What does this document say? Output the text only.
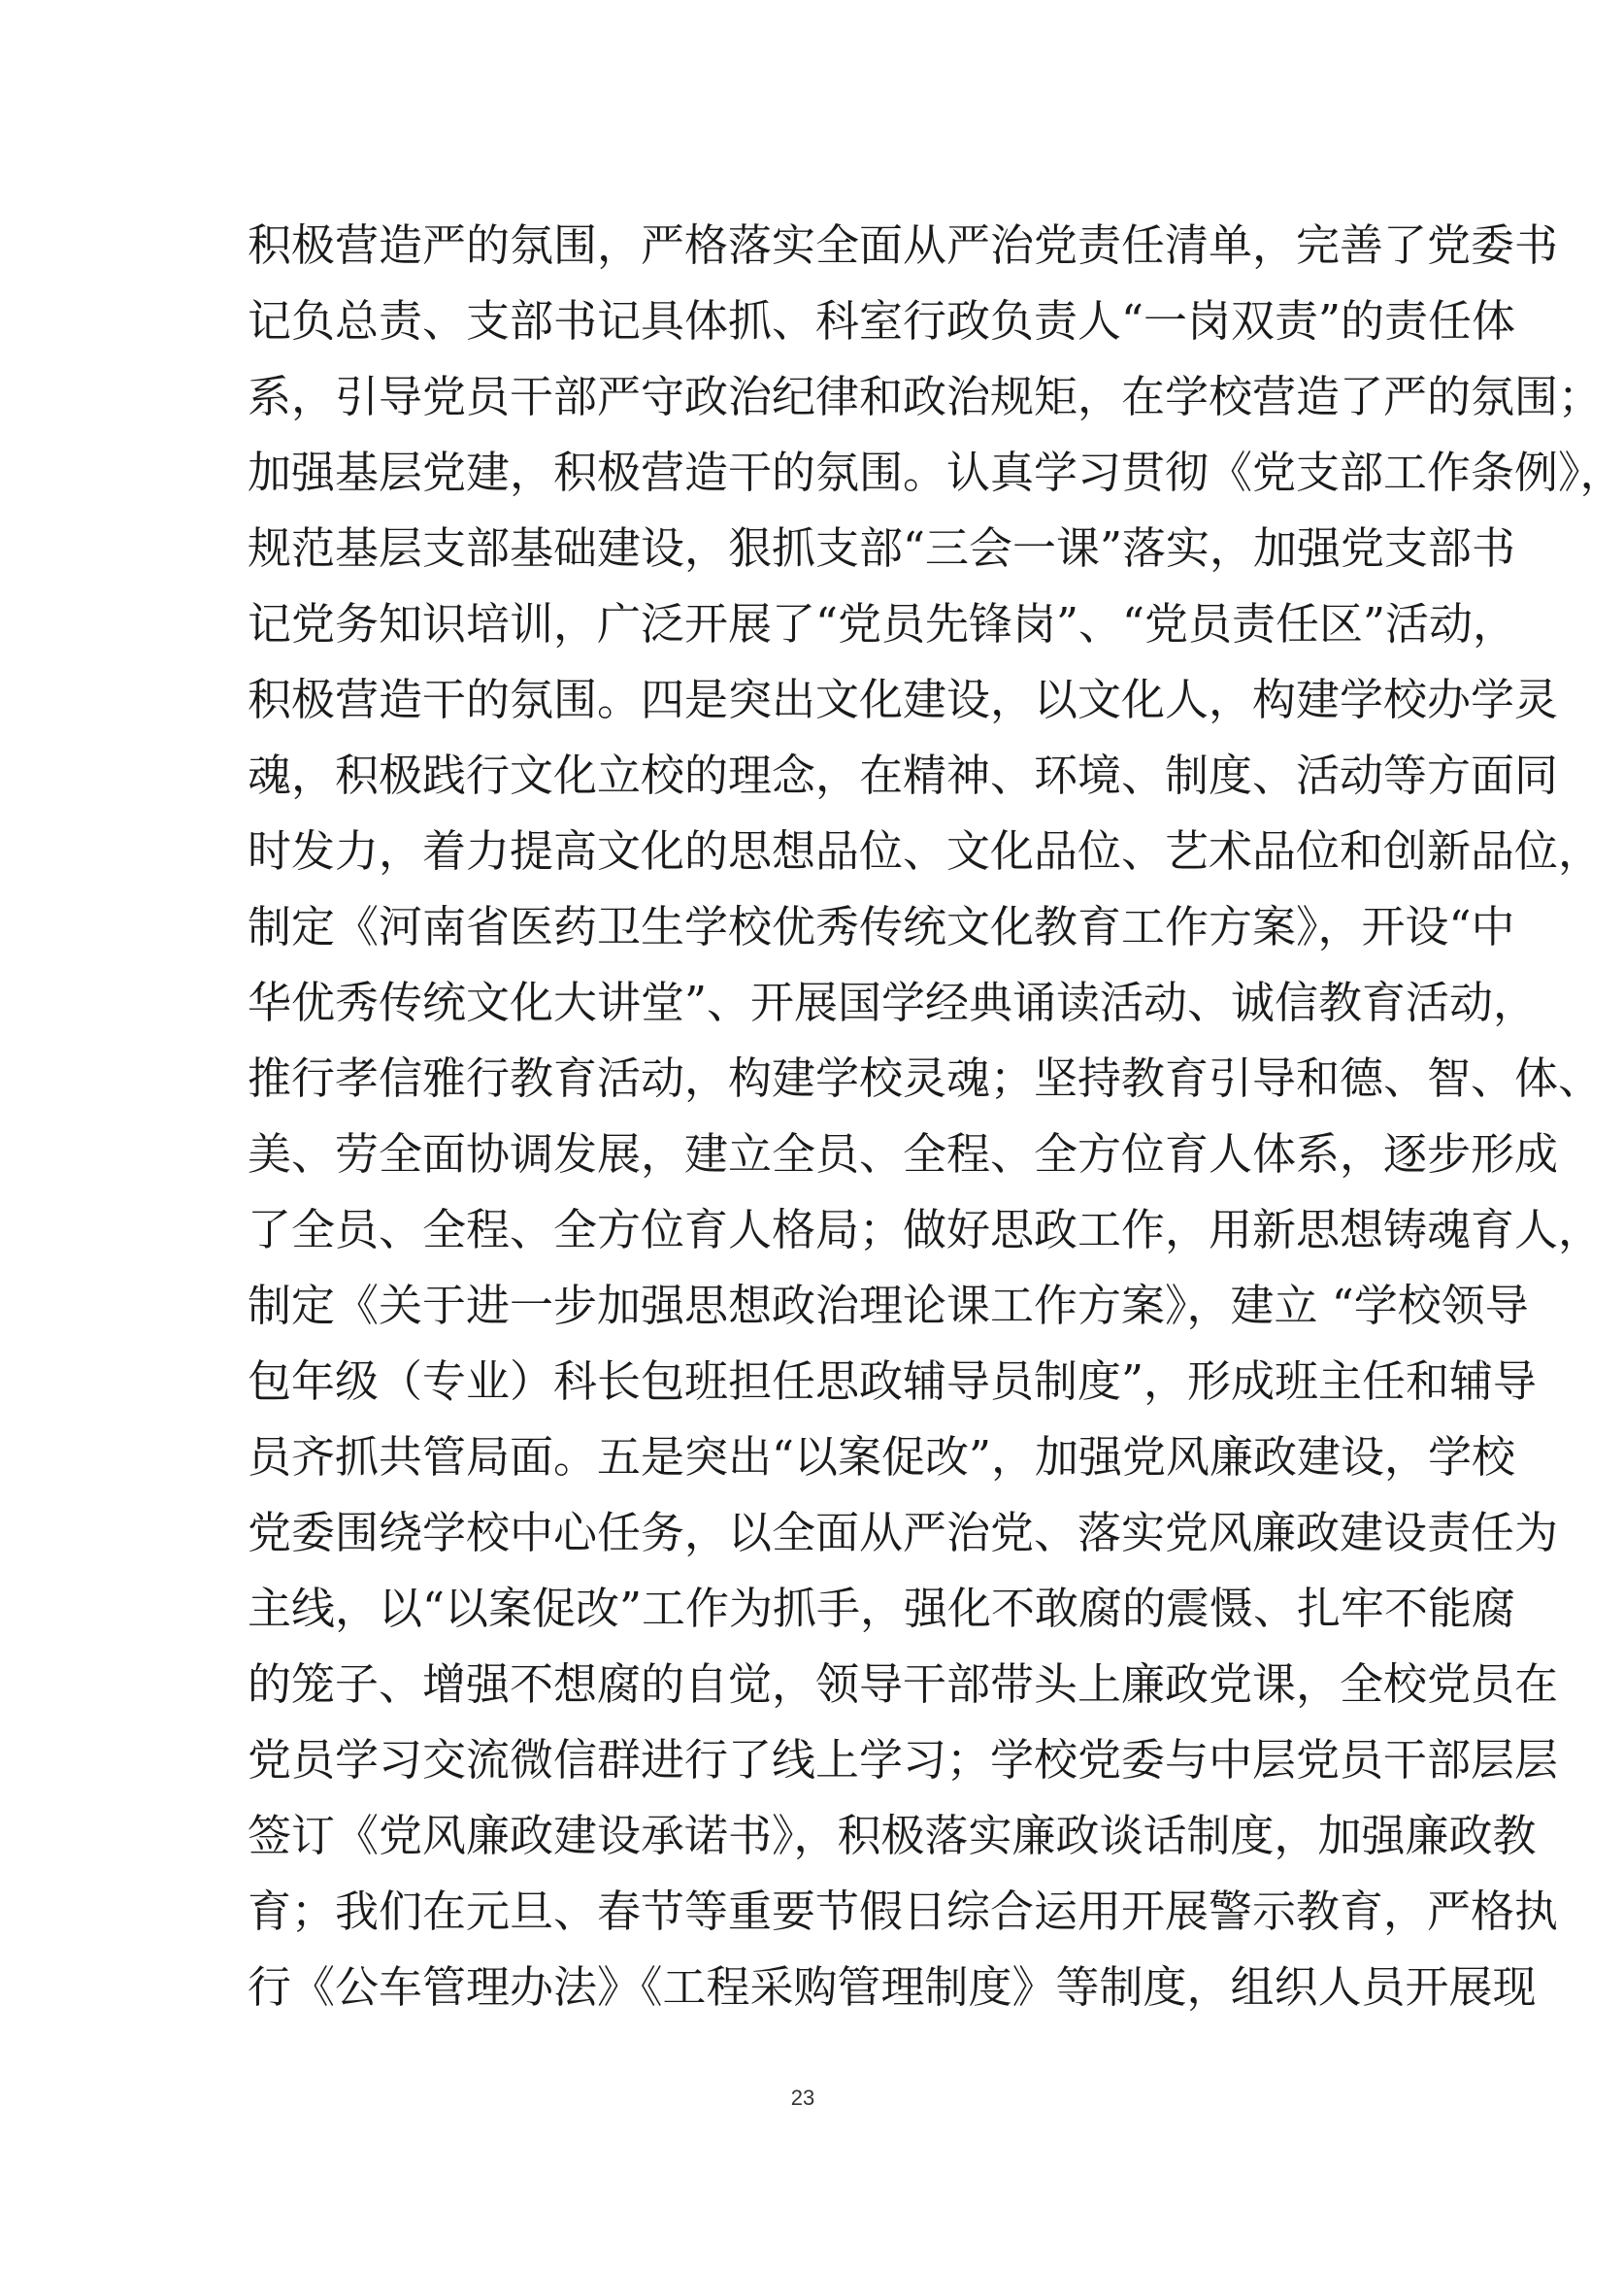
积极营造严的氛围，严格落实全面从严治党责任清单，完善了党委书
记负总责、支部书记具体抓、科室行政负责人“一岗双责”的责任体
系，引导党员干部严守政治纪律和政治规矩，在学校营造了严的氛围；
加强基层党建，积极营造干的氛围。认真学习贯彻《党支部工作条例》，
规范基层支部基础建设，狠抓支部“三会一课”落实，加强党支部书
记党务知识培训，广泛开展了“党员先锋岗”、“党员责任区”活动，
积极营造干的氛围。四是突出文化建设，以文化人，构建学校办学灵
魂，积极践行文化立校的理念，在精神、环境、制度、活动等方面同
时发力，着力提高文化的思想品位、文化品位、艺术品位和创新品位，
制定《河南省医药卫生学校优秀传统文化教育工作方案》，开设“中
华优秀传统文化大讲堂”、开展国学经典诵读活动、诚信教育活动，
推行孝信雅行教育活动，构建学校灵魂；坚持教育引导和德、智、体、
美、劳全面协调发展，建立全员、全程、全方位育人体系，逐步形成
了全员、全程、全方位育人格局；做好思政工作，用新思想铸魂育人，
制定《关于进一步加强思想政治理论课工作方案》，建立 “学校领导
包年级（专业）科长包班担任思政辅导员制度”，形成班主任和辅导
员齐抓共管局面。五是突出“以案促改”，加强党风廉政建设，学校
党委围绕学校中心任务，以全面从严治党、落实党风廉政建设责任为
主线，以“以案促改”工作为抓手，强化不敢腐的震慑、扎牢不能腐
的笼子、增强不想腐的自觉，领导干部带头上廉政党课，全校党员在
党员学习交流微信群进行了线上学习；学校党委与中层党员干部层层
签订《党风廉政建设承诺书》，积极落实廉政谈话制度，加强廉政教
育；我们在元旦、春节等重要节假日综合运用开展警示教育，严格执
行《公车管理办法》《工程采购管理制度》等制度，组织人员开展现
23
